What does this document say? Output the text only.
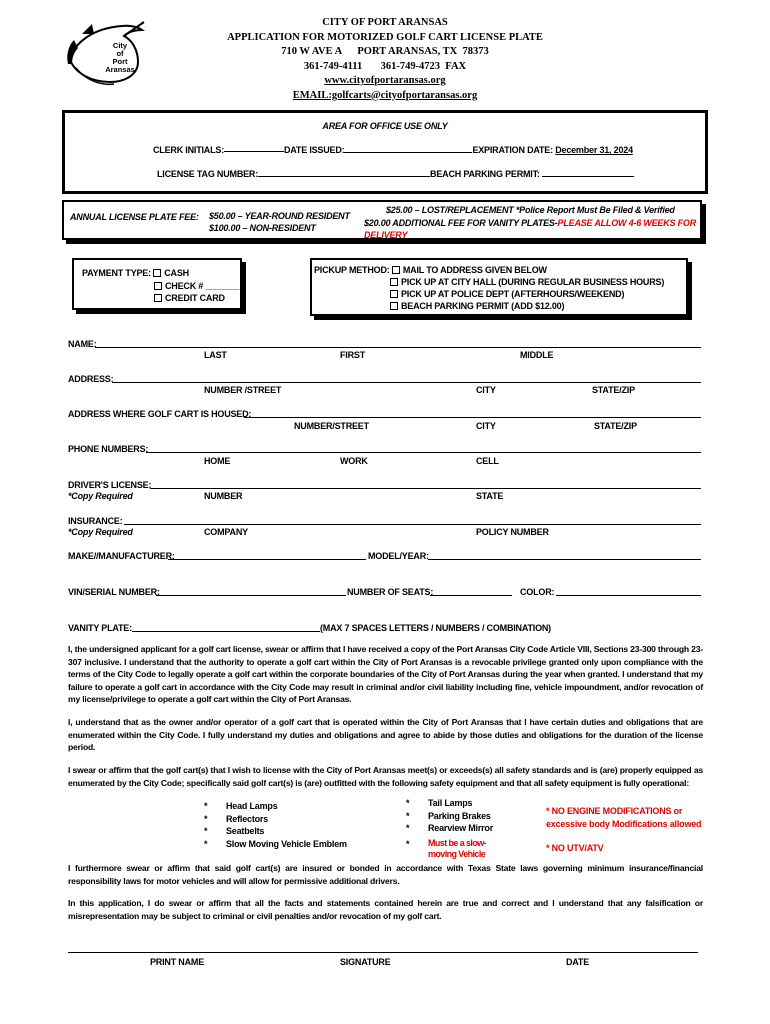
City
of
Port Aransas
CITY OF PORT ARANSAS
APPLICATION FOR MOTORIZED GOLF CART LICENSE PLATE
710 W AVE A      PORT ARANSAS, TX  78373
361-749-4111       361-749-4723  FAX
www.cityofportaransas.org
EMAIL:golfcarts@cityofportaransas.org
AREA FOR OFFICE USE ONLY
CLERK INITIALS:	DATE ISSUED:	EXPIRATION DATE: December 31, 2024
LICENSE TAG NUMBER:	BEACH PARKING PERMIT:
ANNUAL LICENSE PLATE FEE: $50.00 – YEAR-ROUND RESIDENT
$100.00 – NON-RESIDENT
$25.00 – LOST/REPLACEMENT *Police Report Must Be Filed & Verified
$20.00 ADDITIONAL FEE FOR VANITY PLATES-PLEASE ALLOW 4-6 WEEKS FOR DELIVERY
PAYMENT TYPE: CASH
CHECK # _______
CREDIT CARD
PICKUP METHOD: MAIL TO ADDRESS GIVEN BELOW
PICK UP AT CITY HALL (DURING REGULAR BUSINESS HOURS)
PICK UP AT POLICE DEPT (AFTERHOURS/WEEKEND)
BEACH PARKING PERMIT (ADD $12.00)
NAME:
LAST	FIRST	MIDDLE
ADDRESS:
NUMBER /STREET	CITY	STATE/ZIP
ADDRESS WHERE GOLF CART IS HOUSED:
NUMBER/STREET	CITY	STATE/ZIP
PHONE NUMBERS:
HOME	WORK	CELL
DRIVER'S LICENSE:
*Copy Required	NUMBER	STATE
INSURANCE:
*Copy Required	COMPANY	POLICY NUMBER
MAKE//MANUFACTURER:	MODEL/YEAR:
VIN/SERIAL NUMBER:	NUMBER OF SEATS:	COLOR:
VANITY PLATE:	(MAX 7 SPACES LETTERS / NUMBERS / COMBINATION)
I, the undersigned applicant for a golf cart license, swear or affirm that I have received a copy of the Port Aransas City Code Article VIII, Sections 23-300 through 23-307 inclusive. I understand that the authority to operate a golf cart within the City of Port Aransas is a revocable privilege granted only upon compliance with the terms of the City Code to legally operate a golf cart within the corporate boundaries of the City of Port Aransas during the year when granted. I understand that my failure to operate a golf cart in accordance with the City Code may result in criminal and/or civil liability including fine, vehicle impoundment, and/or revocation of my license/privilege to operate a golf cart within the City of Port Aransas.
I, understand that as the owner and/or operator of a golf cart that is operated within the City of Port Aransas that I have certain duties and obligations that are enumerated within the City Code. I fully understand my duties and obligations and agree to abide by those duties and obligations for the duration of the license period.
I swear or affirm that the golf cart(s) that I wish to license with the City of Port Aransas meet(s) or exceeds(s) all safety standards and is (are) properly equipped as enumerated by the City Code; specifically said golf cart(s) is (are) outfitted with the following safety equipment and that all safety equipment is fully operational:
* Head Lamps
* Reflectors
* Seatbelts
* Slow Moving Vehicle Emblem
* Tail Lamps
* Parking Brakes
* Rearview Mirror
* Must be a slow-moving Vehicle
* NO ENGINE MODIFICATIONS or excessive body Modifications allowed
* NO UTV/ATV
I furthermore swear or affirm that said golf cart(s) are insured or bonded in accordance with Texas State laws governing minimum insurance/financial responsibility laws for motor vehicles and will allow for permissive additional drivers.
In this application, I do swear or affirm that all the facts and statements contained herein are true and correct and I understand that any falsification or misrepresentation may be subject to criminal or civil penalties and/or revocation of my golf cart.
PRINT NAME	SIGNATURE	DATE
